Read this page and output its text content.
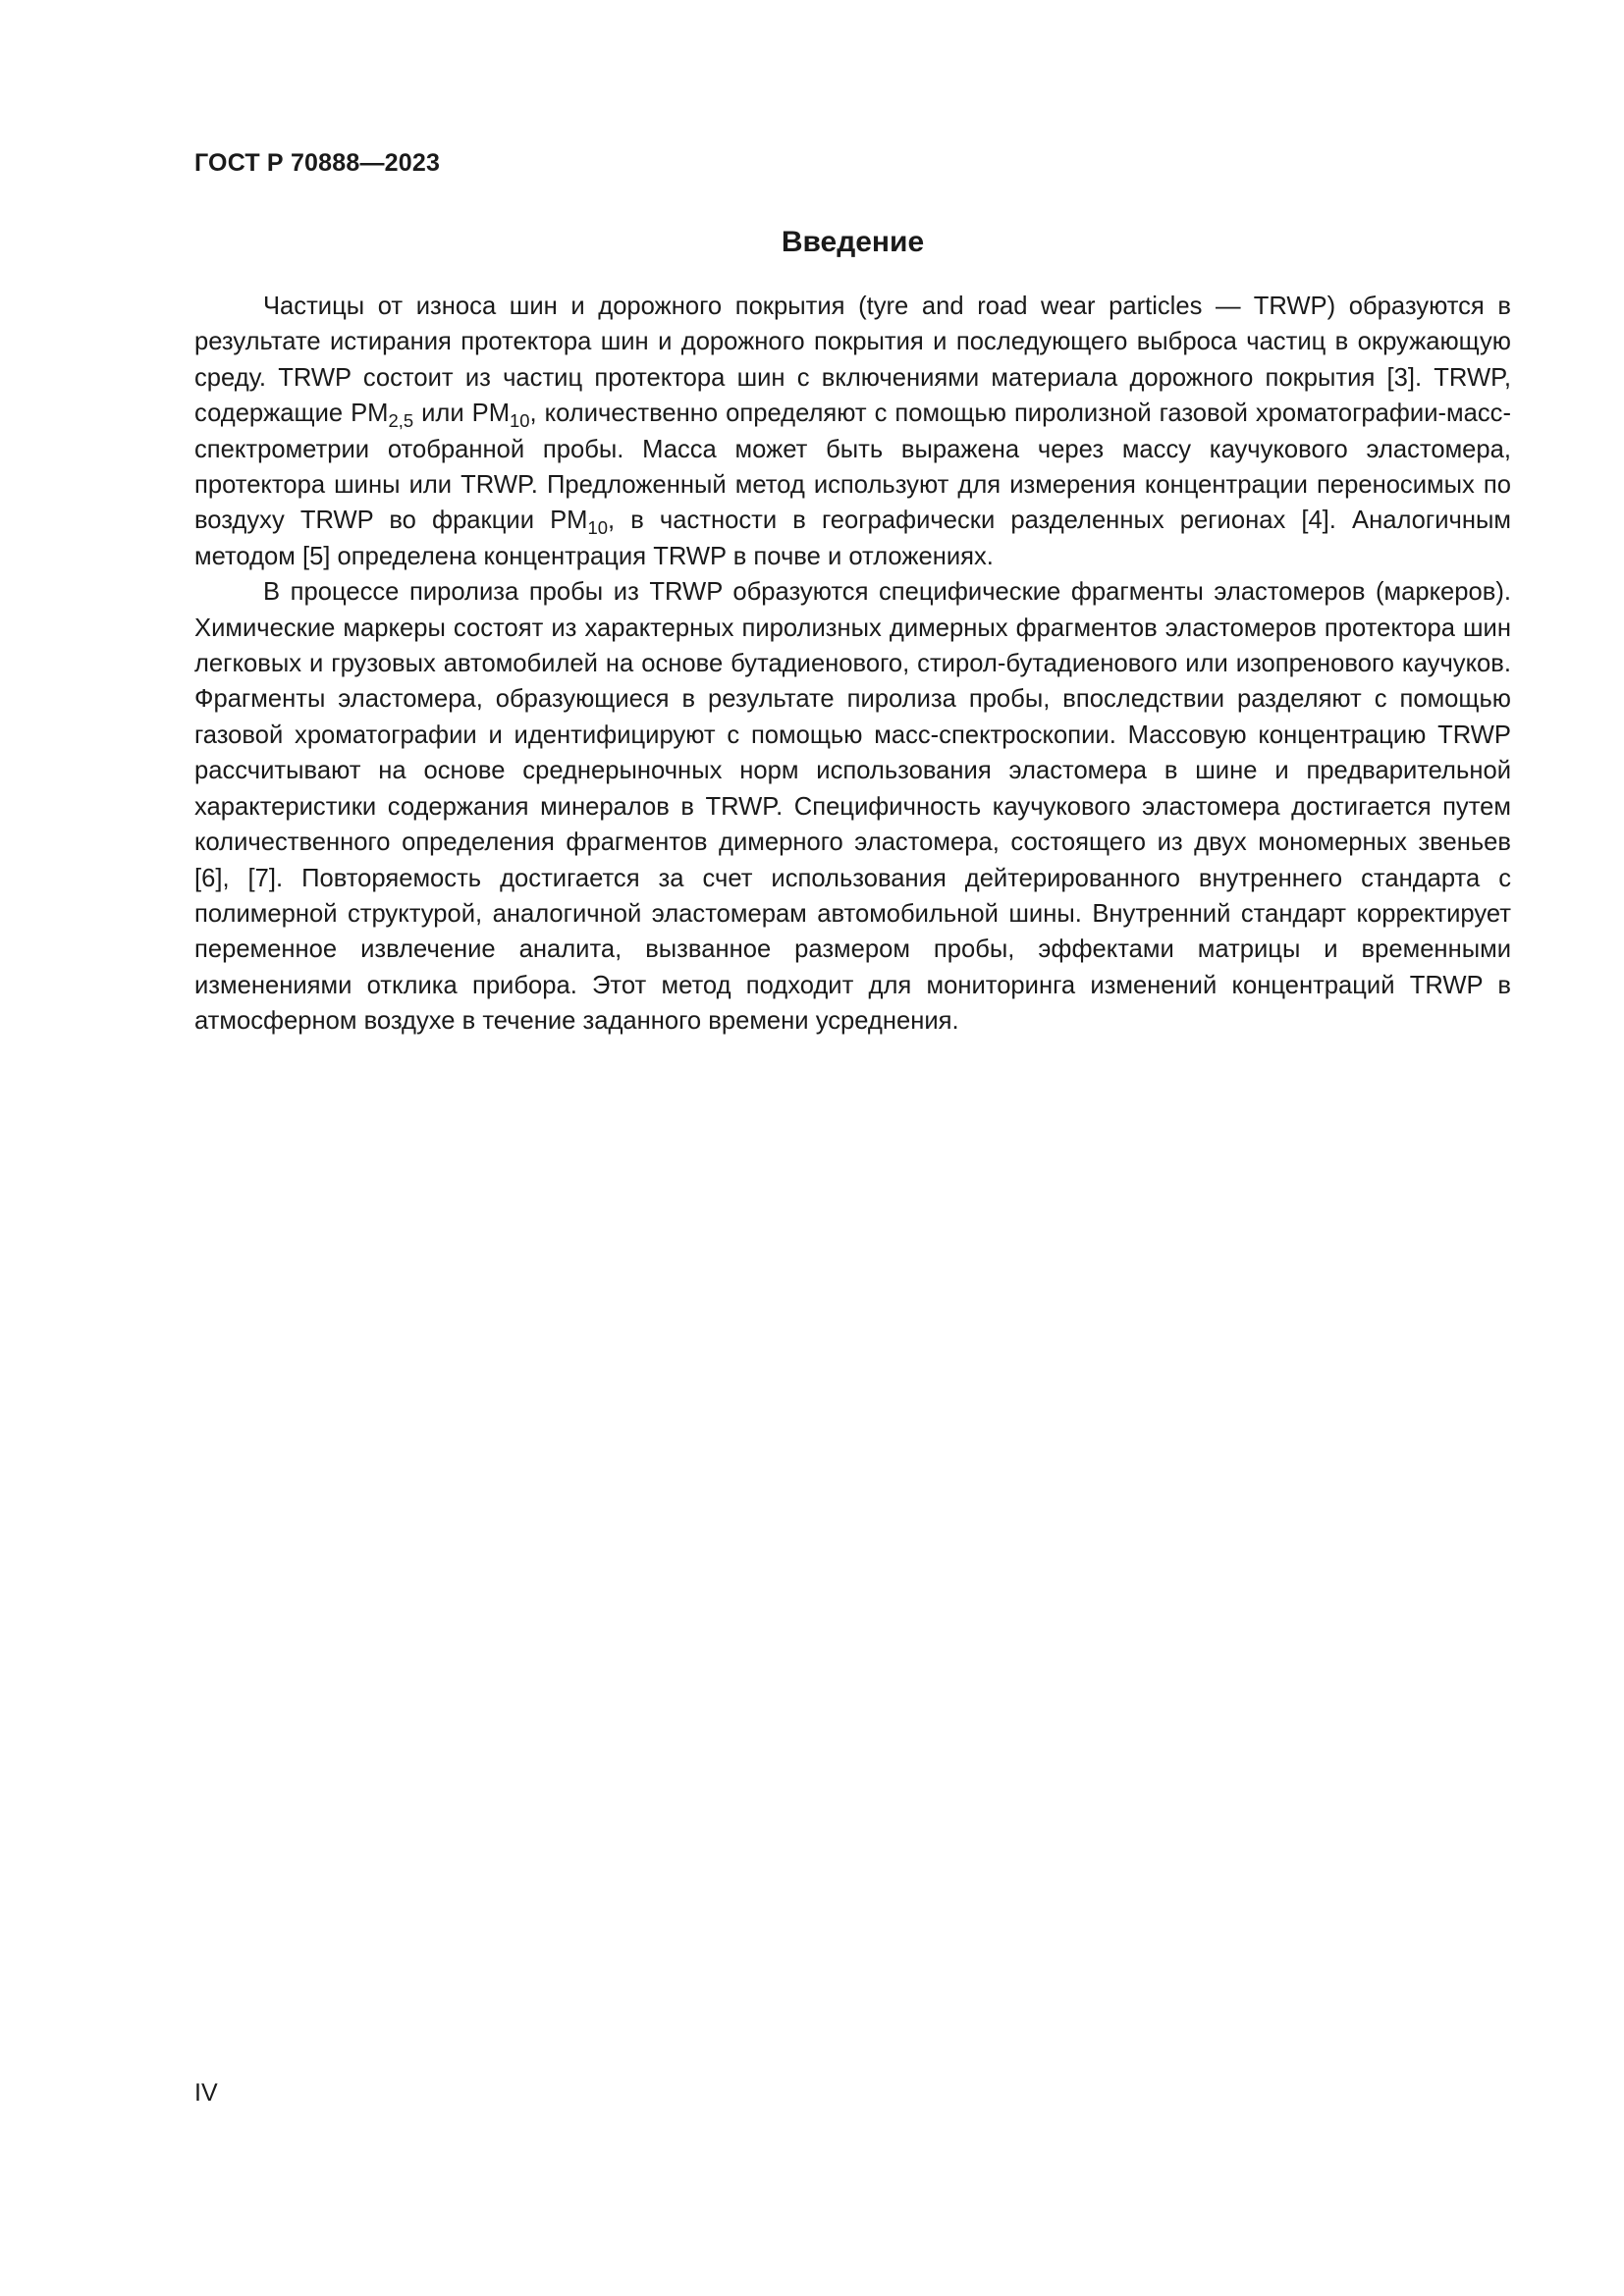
ГОСТ Р 70888—2023
Введение

Частицы от износа шин и дорожного покрытия (tyre and road wear particles — TRWP) образуются в результате истирания протектора шин и дорожного покрытия и последующего выброса частиц в окружающую среду. TRWP состоит из частиц протектора шин с включениями материала дорожного покрытия [3]. TRWP, содержащие $PM_{2,5}$ или $PM_{10}$, количественно определяют с помощью пиролизной газовой хроматографии-масс-спектрометрии отобранной пробы. Масса может быть выражена через массу каучукового эластомера, протектора шины или TRWP. Предложенный метод используют для измерения концентрации переносимых по воздуху TRWP во фракции $PM_{10}$, в частности в географически разделенных регионах [4]. Аналогичным методом [5] определена концентрация TRWP в почве и отложениях.

В процессе пиролиза пробы из TRWP образуются специфические фрагменты эластомеров (маркеров). Химические маркеры состоят из характерных пиролизных димерных фрагментов эластомеров протектора шин легковых и грузовых автомобилей на основе бутадиенового, стирол-бутадиенового или изопренового каучуков. Фрагменты эластомера, образующиеся в результате пиролиза пробы, впоследствии разделяют с помощью газовой хроматографии и идентифицируют с помощью масс-спектроскопии. Массовую концентрацию TRWP рассчитывают на основе среднерыночных норм использования эластомера в шине и предварительной характеристики содержания минералов в TRWP. Специфичность каучукового эластомера достигается путем количественного определения фрагментов димерного эластомера, состоящего из двух мономерных звеньев [6], [7]. Повторяемость достигается за счет использования дейтерированного внутреннего стандарта с полимерной структурой, аналогичной эластомерам автомобильной шины. Внутренний стандарт корректирует переменное извлечение аналита, вызванное размером пробы, эффектами матрицы и временными изменениями отклика прибора. Этот метод подходит для мониторинга изменений концентраций TRWP в атмосферном воздухе в течение заданного времени усреднения.

IV
